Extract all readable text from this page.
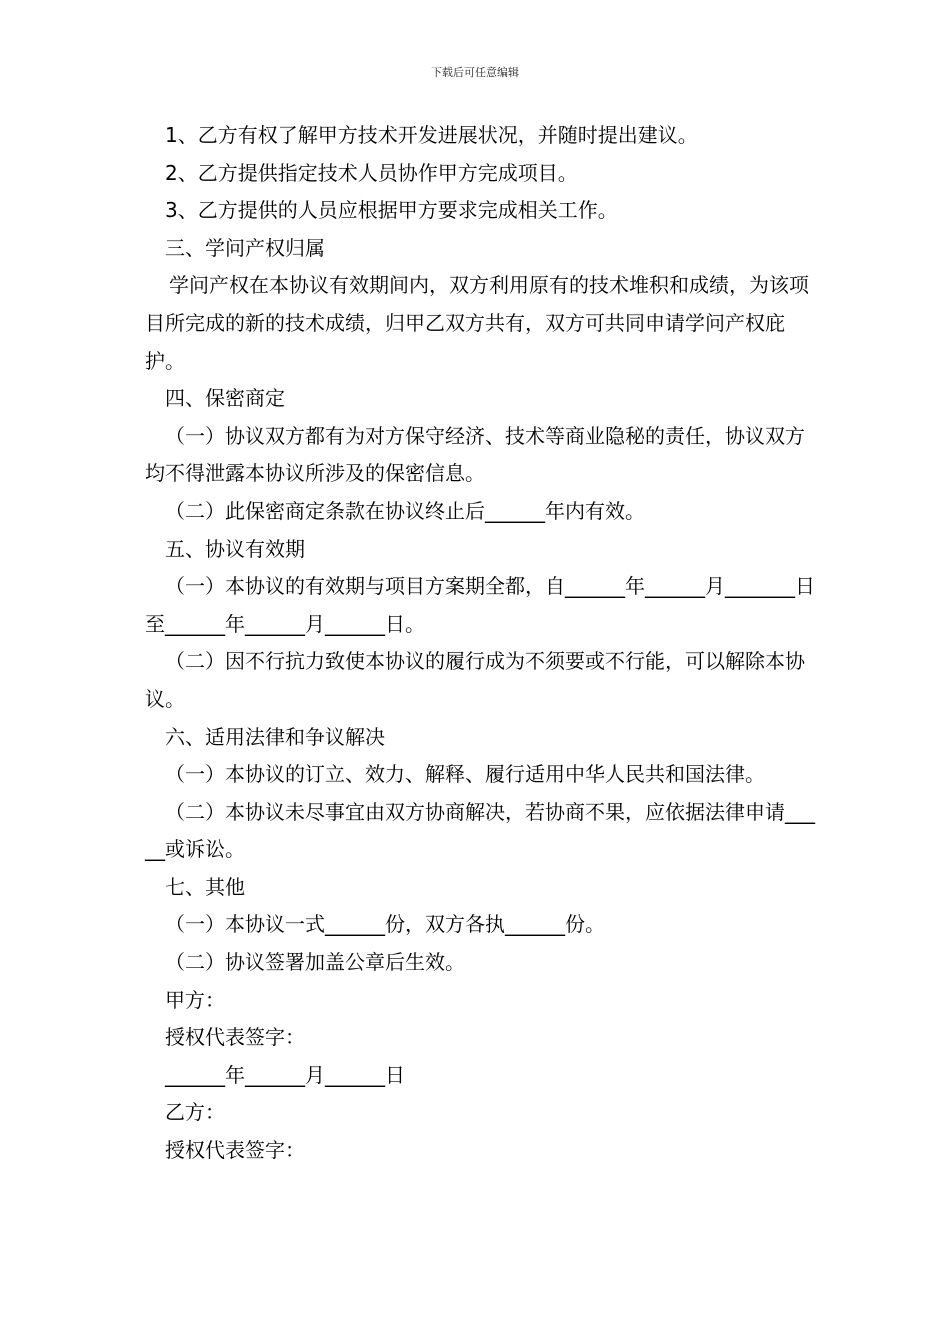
下载后可任意编辑

1、乙方有权了解甲方技术开发进展状况，并随时提出建议。

2、乙方提供指定技术人员协作甲方完成项目。

3、乙方提供的人员应根据甲方要求完成相关工作。

三、学问产权归属

学问产权在本协议有效期间内，双方利用原有的技术堆积和成绩，为该项目所完成的新的技术成绩，归甲乙双方共有，双方可共同申请学问产权庇护。

四、保密商定

（一）协议双方都有为对方保守经济、技术等商业隐秘的责任，协议双方均不得泄露本协议所涉及的保密信息。

（二）此保密商定条款在协议终止后______年内有效。

五、协议有效期

（一）本协议的有效期与项目方案期全都，自______年______月_______日至______年______月______日。

（二）因不行抗力致使本协议的履行成为不须要或不行能，可以解除本协议。

六、适用法律和争议解决

（一）本协议的订立、效力、解释、履行适用中华人民共和国法律。

（二）本协议未尽事宜由双方协商解决，若协商不果，应依据法律申请_____或诉讼。

七、其他

（一）本协议一式______份，双方各执______份。

（二）协议签署加盖公章后生效。

甲方：

授权代表签字：

______年______月______日

乙方：

授权代表签字：
